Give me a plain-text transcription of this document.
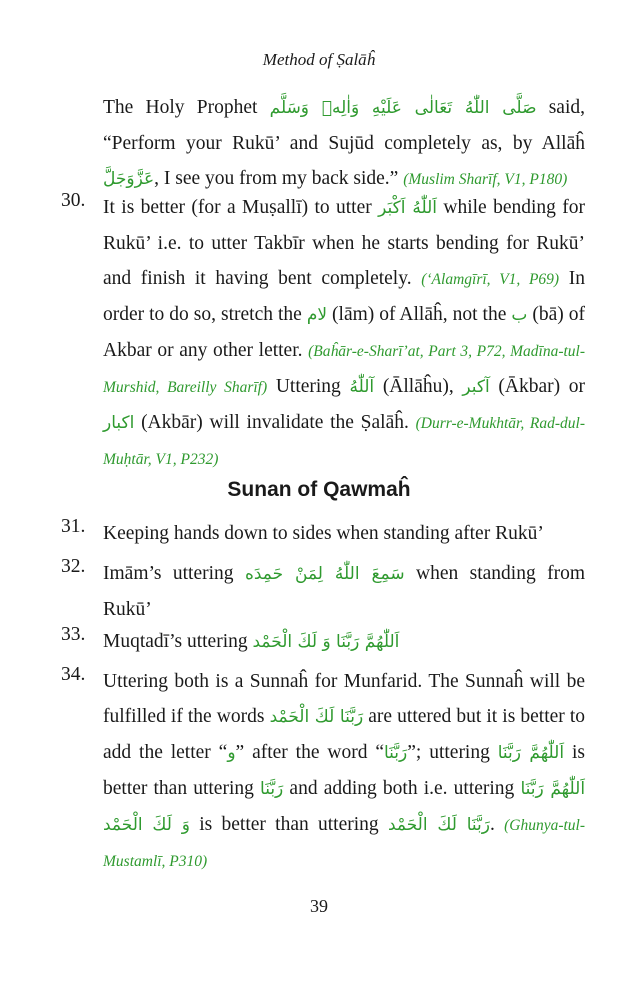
Method of Ṣalāĥ
The Holy Prophet صَلَّى اللّٰهُ تَعَالٰى عَلَيْهِ وَاٰلِهٖ وَسَلَّم said, “Perform your Rukū’ and Sujūd completely as, by Allāĥ عَزَّوَجَلَّ, I see you from my back side.” (Muslim Sharīf, V1, P180)
30. It is better (for a Muṣallī) to utter اَللّٰهُ اَكْبَر while bending for Rukū’ i.e. to utter Takbīr when he starts bending for Rukū’ and finish it having bent completely. (‘Alamgīrī, V1, P69) In order to do so, stretch the لام (lām) of Allāĥ, not the ب (bā) of Akbar or any other letter. (Baĥār-e-Sharī’at, Part 3, P72, Madīna-tul-Murshid, Bareilly Sharīf) Uttering آللّٰهُ (Āllāĥu), آكبر (Ākbar) or اكبار (Akbār) will invalidate the Ṣalāĥ. (Durr-e-Mukhtār, Rad-dul-Muḥtār, V1, P232)
Sunan of Qawmaĥ
31. Keeping hands down to sides when standing after Rukū’
32. Imām’s uttering سَمِعَ اللّٰهُ لِمَنْ حَمِدَه when standing from Rukū’
33. Muqtadī’s uttering اَللّٰهُمَّ رَبَّنَا وَ لَكَ الْحَمْد
34. Uttering both is a Sunnaĥ for Munfarid. The Sunnaĥ will be fulfilled if the words رَبَّنَا لَكَ الْحَمْد are uttered but it is better to add the letter “و” after the word “رَبَّنَا”; uttering اَللّٰهُمَّ رَبَّنَا is better than uttering رَبَّنَا and adding both i.e. uttering اَللّٰهُمَّ رَبَّنَا وَ لَكَ الْحَمْد is better than uttering رَبَّنَا لَكَ الْحَمْد. (Ghunya-tul-Mustamlī, P310)
39
